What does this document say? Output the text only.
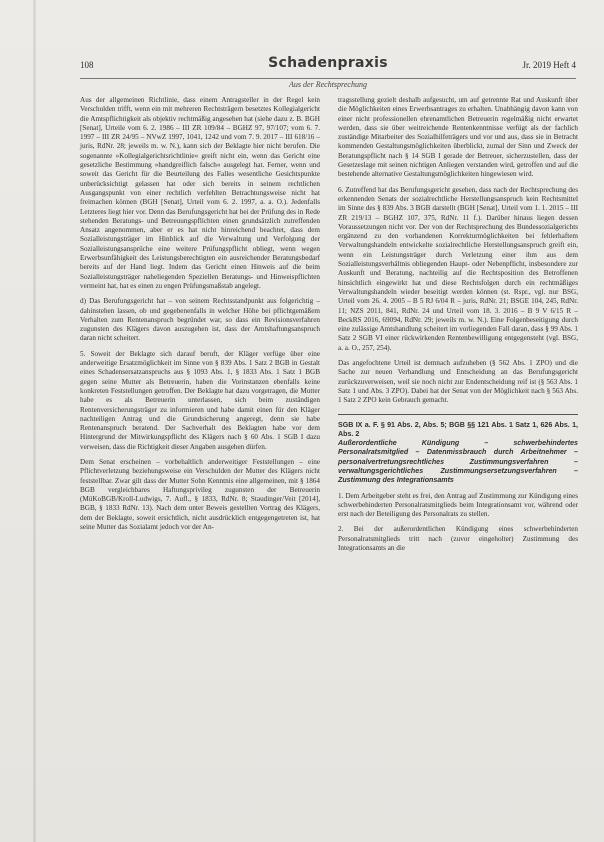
108	Schadenpraxis	Jr. 2019 Heft 4
Aus der Rechtsprechung

Aus der allgemeinen Richtlinie, dass einem Antragsteller in der Regel kein Verschulden trifft, wenn ein mit mehreren Rechtsträgern besetztes Kollegialgericht die Amtspflichtigkeit als objektiv rechtmäßig angesehen hat (siehe dazu z. B. BGH [Senat], Urteile vom 6. 2. 1986 – III ZR 109/84 – BGHZ 97, 97/107; vom 6. 7. 1997 – III ZR 24/95 – NVwZ 1997, 1041, 1242 und vom 7. 9. 2017 – III 618/16 – juris, RdNr. 28; jeweils m. w. N.), kann sich der Beklagte hier nicht berufen. Die sogenannte »Kollegialgerichtsrichtlinie« greift nicht ein, wenn das Gericht eine gesetzliche Bestimmung »handgreiflich falsch« ausgelegt hat. Ferner, wenn und soweit das Gericht für die Beurteilung des Falles wesentliche Gesichtspunkte unberücksichtigt gelassen hat oder sich bereits in seinem rechtlichen Ausgangspunkt von einer rechtlich verfehlten Betrachtungsweise nicht hat freimachen können (BGH [Senat], Urteil vom 6. 2. 1997, a. a. O.). Jedenfalls Letzteres liegt hier vor. Denn das Berufungsgericht hat bei der Prüfung des in Rede stehenden Beratungs- und Betreuungspflichten einen grundsätzlich zutreffenden Ansatz angenommen, aber er es hat nicht hinreichend beachtet, dass dem Sozialleistungsträger im Hinblick auf die Verwaltung und Verfolgung der Sozialleistungsansprüche eine weitere Prüfungspflicht obliegt, wenn wegen Erwerbsunfähigkeit des Leistungsberechtigten ein ausreichender Beratungsbedarf bereits auf der Hand liegt. Indem das Gericht einen Hinweis auf die beim Sozialleistungsträger naheliegenden Speziellen Beratungs- und Hinweispflichten vermeint hat, hat es einen zu engen Prüfungsmaßstab angelegt.

d) Das Berufungsgericht hat – von seinem Rechtsstandpunkt aus folgerichtig – dahinstehen lassen, ob und gegebenenfalls in welcher Höhe bei pflichtgemäßem Verhalten zum Rentenanspruch begründet war, so dass ein Revisionsverfahren zugunsten des Klägers davon auszugehen ist, dass der Amtshaftungsanspruch daran nicht scheitert.

5. Soweit der Beklagte sich darauf beruft, der Kläger verfüge über eine anderweitige Ersatzmöglichkeit im Sinne von § 839 Abs. 1 Satz 2 BGB in Gestalt eines Schadensersatzanspruchs aus § 1093 Abs. 1, § 1833 Abs. 1 Satz 1 BGB gegen seine Mutter als Betreuerin, haben die Vorinstanzen ebenfalls keine konkreten Feststellungen getroffen. Der Beklagte hat dazu vorgetragen, die Mutter habe es als Betreuerin unterlassen, sich beim zuständigen Rentenversicherungsträger zu informieren und habe damit einen für den Kläger nachteiligen Antrag und die Grundsicherung angeregt, denn sie habe Rentenanspruch beratend. Der Sachverhalt des Beklagten habe vor dem Hintergrund der Mitwirkungspflicht des Klägers nach § 60 Abs. 1 SGB I dazu verweisen, dass die Richtigkeit dieser Angaben ausgehen dürfen.

Dem Senat erscheinen – vorbehaltlich anderweitiger Feststellungen – eine Pflichtverletzung beziehungsweise ein Verschulden der Mutter des Klägers nicht feststellbar. Zwar gilt dass der Mutter Sohn Kenntnis eine allgemeinen, mit § 1864 BGB vergleichbares Haftungsprivileg zugunsten der Betreuerin (MüKoBGB/Kroll-Ludwigs, 7. Aufl., § 1833, RdNr. 8; Staudinger/Veit [2014], BGB, § 1833 RdNr. 13). Nach dem unter Beweis gestellten Vortrag des Klägers, dem der Beklagte, soweit ersichtlich, nicht ausdrücklich entgegengetreten ist, hat seine Mutter das Sozialamt jedoch vor der An-

tragsstellung gezielt deshalb aufgesucht, um auf getrennte Rat und Auskunft über die Möglichkeiten eines Erwerbsantrages zu erhalten. Unabhängig davon kann von einer nicht professionellen ehrenamtlichen Betreuerin regelmäßig nicht erwartet werden, dass sie über weitreichende Rentenkenntnisse verfügt als der fachlich zuständige Mitarbeiter des Sozialhilfeträgers und vor und aus, dass sie in Betracht kommenden Gestaltungsmöglichkeiten überblickt, zumal der Sinn und Zweck der Beratungspflicht nach § 14 SGB I gerade der Betreuer, sicherzustellen, dass der Gesetzeslage mit seinen nichtigen Anliegen verstanden wird, getroffen und auf die bestehende alternative Gestaltungsmöglichkeiten hingewiesen wird.

6. Zutreffend hat das Berufungsgericht gesehen, dass nach der Rechtsprechung des erkennenden Senats der sozialrechtliche Herstellungsanspruch kein Rechtsmittel im Sinne des § 839 Abs. 3 BGB darstellt (BGH [Senat], Urteil vom 1. 1. 2015 – III ZR 219/13 – BGHZ 107, 375, RdNr. 11 f.). Darüber hinaus liegen dessen Voraussetzungen nicht vor. Der von der Rechtsprechung des Bundessozialgerichts ergänzend zu den vorhandenen Korrekturmöglichkeiten bei fehlerhaftem Verwaltungshandeln entwickelte sozialrechtliche Herstellungsanspruch greift ein, wenn ein Leistungsträger durch Verletzung einer ihm aus dem Sozialleistungsverhältnis obliegenden Haupt- oder Nebenpflicht, insbesondere zur Auskunft und Beratung, nachteilig auf die Rechtsposition des Betroffenen hinsichtlich eingewirkt hat und diese Rechtsfolgen durch ein rechtmäßiges Verwaltungshandeln wieder beseitigt werden können (st. Rspr., vgl. nur BSG, Urteil vom 26. 4. 2005 – B 5 RJ 6/04 R – juris, RdNr. 21; BSGE 104, 245, RdNr. 11; NZS 2011, 841, RdNr. 24 und Urteil vom 18. 3. 2016 – B 9 V 6/15 R – BeckRS 2016, 69094, RdNr. 29; jeweils m. w. N.). Eine Folgenbeseitigung durch eine zulässige Amtshandlung scheitert im vorliegenden Fall daran, dass § 99 Abs. 1 Satz 2 SGB VI einer rückwirkenden Rentenbewilligung entgegensteht (vgl. BSG, a. a. O., 257, 254).

Das angefochtene Urteil ist demnach aufzuheben (§ 562 Abs. 1 ZPO) und die Sache zur neuen Verhandlung und Entscheidung an das Berufungsgericht zurückzuverweisen, weil sie noch nicht zur Endentscheidung reif ist (§ 563 Abs. 1 Satz 1 und Abs. 3 ZPO). Dabei hat der Senat von der Möglichkeit nach § 563 Abs. 1 Satz 2 ZPO kein Gebrauch gemacht.

SGB IX a. F. § 91 Abs. 2, Abs. 5; BGB §§ 121 Abs. 1 Satz 1, 626 Abs. 1, Abs. 2
Außerordentliche Kündigung – schwerbehindertes Personalratsmitglied – Datenmissbrauch durch Arbeitnehmer – personalvertretungsrechtliches Zustimmungsverfahren – verwaltungsgerichtliches Zustimmungsersetzungsverfahren – Zustimmung des Integrationsamts

1. Dem Arbeitgeber steht es frei, den Antrag auf Zustimmung zur Kündigung eines schwerbehinderten Personalratsmitglieds beim Integrationsamt vor, während oder erst nach der Beteiligung des Personalrats zu stellen.

2. Bei der außerordentlichen Kündigung eines schwerbehinderten Personalratsmitglieds tritt nach (zuvor eingeholter) Zustimmung des Integrationsamts an die
